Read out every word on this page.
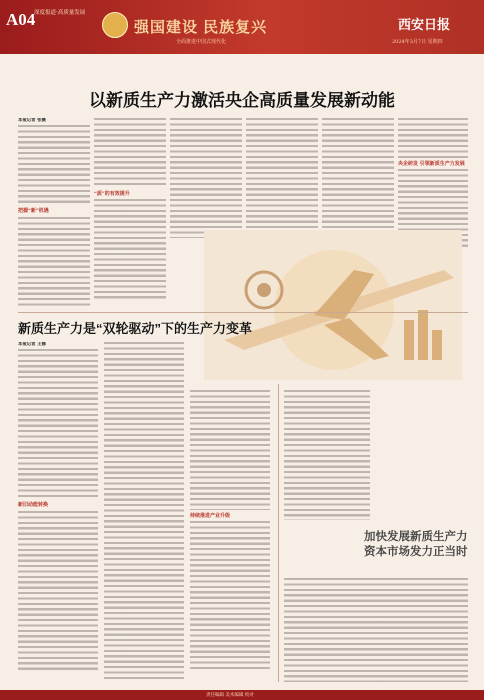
A04
深度报道·高质量发展
强国建设 民族复兴
全面推进中国式现代化
西安日报
2024年3月7日 星期四
以新质生产力激活央企高质量发展新动能
本报记者 张薇
把握“新”机遇
“质”的有效提升
央企研发 引领新质生产力发展
新质生产力是“双轮驱动”下的生产力变革
本报记者 王娜
新旧动能转换
持续推进产业升级
加快发展新质生产力 资本市场发力正当时
责任编辑 美术编辑 校对
